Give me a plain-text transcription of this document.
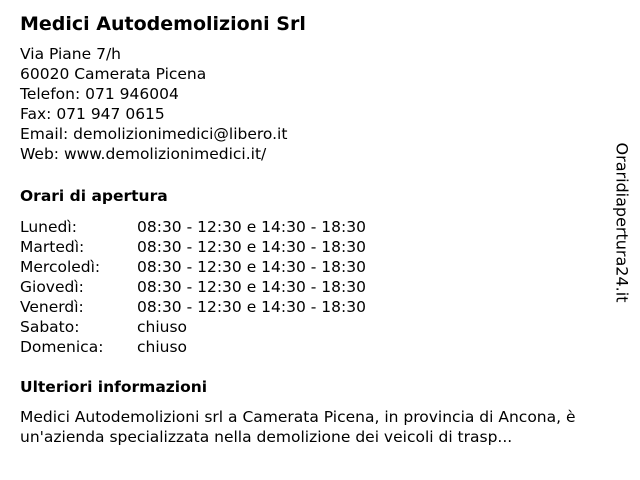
Medici Autodemolizioni Srl
Via Piane 7/h
60020 Camerata Picena
Telefon: 071 946004
Fax: 071 947 0615
Email: demolizionimedici@libero.it
Web: www.demolizionimedici.it/
Orari di apertura
Lunedì:	08:30 - 12:30 e 14:30 - 18:30
Martedì:	08:30 - 12:30 e 14:30 - 18:30
Mercoledì:	08:30 - 12:30 e 14:30 - 18:30
Giovedì:	08:30 - 12:30 e 14:30 - 18:30
Venerdì:	08:30 - 12:30 e 14:30 - 18:30
Sabato:	chiuso
Domenica:	chiuso
Ulteriori informazioni

Medici Autodemolizioni srl a Camerata Picena, in provincia di Ancona, è un'azienda specializzata nella demolizione dei veicoli di trasp...

Oraridiapertura24.it
